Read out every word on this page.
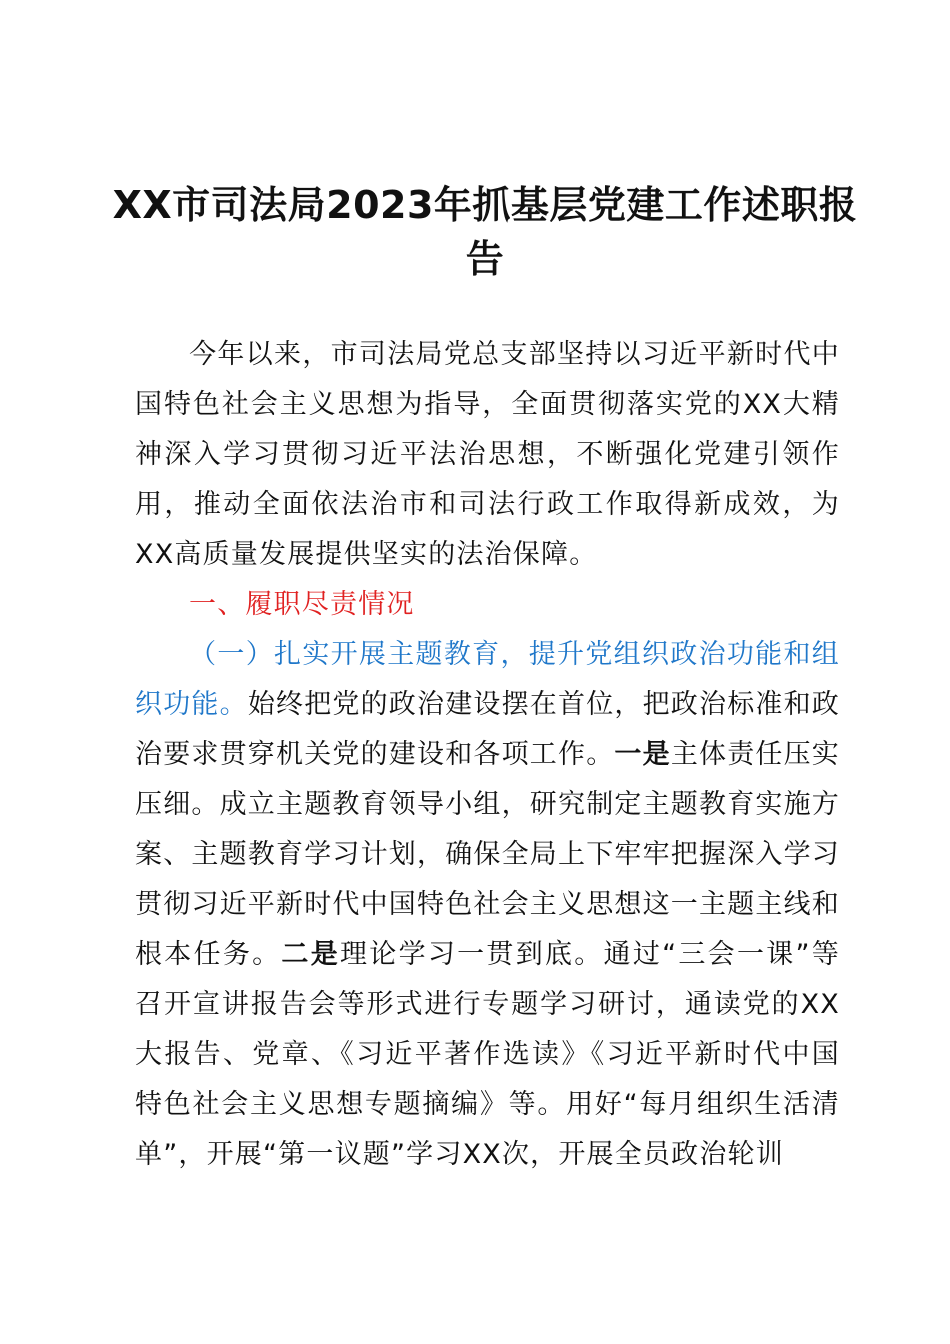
XX市司法局2023年抓基层党建工作述职报
告
今年以来，市司法局党总支部坚持以习近平新时代中国特色社会主义思想为指导，全面贯彻落实党的XX大精神深入学习贯彻习近平法治思想，不断强化党建引领作用，推动全面依法治市和司法行政工作取得新成效，为XX高质量发展提供坚实的法治保障。
一、履职尽责情况
（一）扎实开展主题教育，提升党组织政治功能和组织功能。始终把党的政治建设摆在首位，把政治标准和政治要求贯穿机关党的建设和各项工作。一是主体责任压实压细。成立主题教育领导小组，研究制定主题教育实施方案、主题教育学习计划，确保全局上下牢牢把握深入学习贯彻习近平新时代中国特色社会主义思想这一主题主线和根本任务。二是理论学习一贯到底。通过“三会一课”等召开宣讲报告会等形式进行专题学习研讨，通读党的XX大报告、党章、《习近平著作选读》《习近平新时代中国特色社会主义思想专题摘编》等。用好“每月组织生活清单”，开展“第一议题”学习XX次，开展全员政治轮训
